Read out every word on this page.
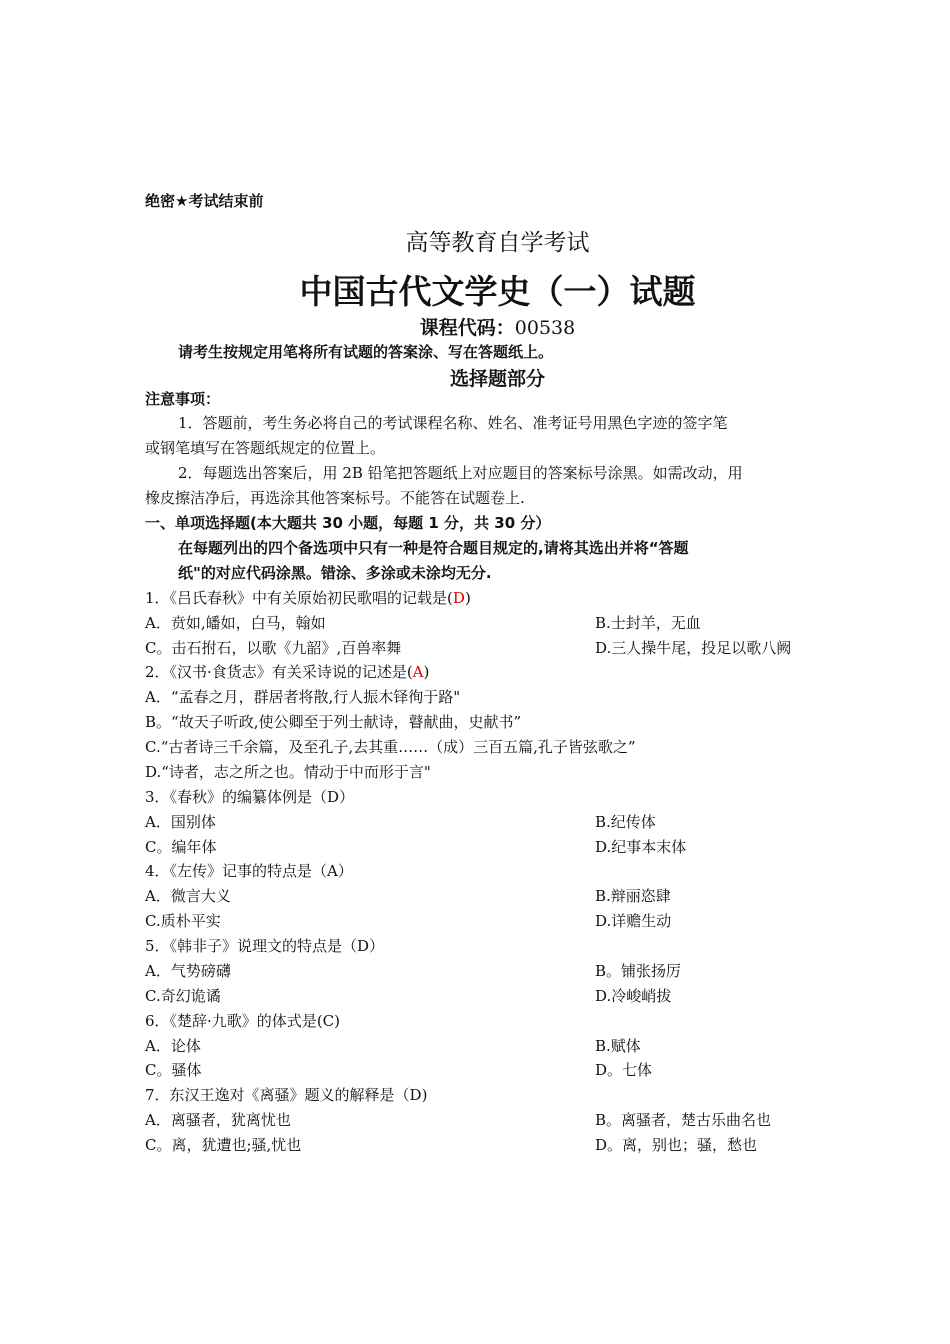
绝密★考试结束前
高等教育自学考试
中国古代文学史（一）试题
课程代码：00538
请考生按规定用笔将所有试题的答案涂、写在答题纸上。
选择题部分
注意事项：
1．答题前，考生务必将自己的考试课程名称、姓名、准考证号用黑色字迹的签字笔
或钢笔填写在答题纸规定的位置上。
2．每题选出答案后，用 2B 铅笔把答题纸上对应题目的答案标号涂黑。如需改动，用
橡皮擦洁净后，再选涂其他答案标号。不能答在试题卷上.
一、单项选择题(本大题共 30 小题，每题 1 分，共 30 分）
在每题列出的四个备选项中只有一种是符合题目规定的,请将其选出并将“答题
纸"的对应代码涂黑。错涂、多涂或未涂均无分.
1．《吕氏春秋》中有关原始初民歌唱的记载是(D)
A．贲如,皤如，白马，翰如	B.士封羊，无血
C。击石拊石，以歌《九韶》,百兽率舞	D.三人操牛尾，投足以歌八阙
2．《汉书·食货志》有关采诗说的记述是(A)
A．“孟春之月，群居者将散,行人振木铎徇于路"
B。“故天子听政,使公卿至于列士献诗，瞽献曲，史献书”
C.“古者诗三千余篇，及至孔子,去其重……（成）三百五篇,孔子皆弦歌之”
D.“诗者，志之所之也。情动于中而形于言"
3．《春秋》的编纂体例是（D）
A．国别体	B.纪传体
C。编年体	D.纪事本末体
4．《左传》记事的特点是（A）
A．微言大义	B.辩丽恣肆
C.质朴平实	D.详赡生动
5．《韩非子》说理文的特点是（D）
A．气势磅礴	B。铺张扬厉
C.奇幻诡谲	D.冷峻峭拔
6．《楚辞·九歌》的体式是(C)
A．论体	B.赋体
C。骚体	D。七体
7．东汉王逸对《离骚》题义的解释是（D)
A．离骚者，犹离忧也	B。离骚者，楚古乐曲名也
C。离，犹遭也;骚,忧也	D。离，别也；骚，愁也
